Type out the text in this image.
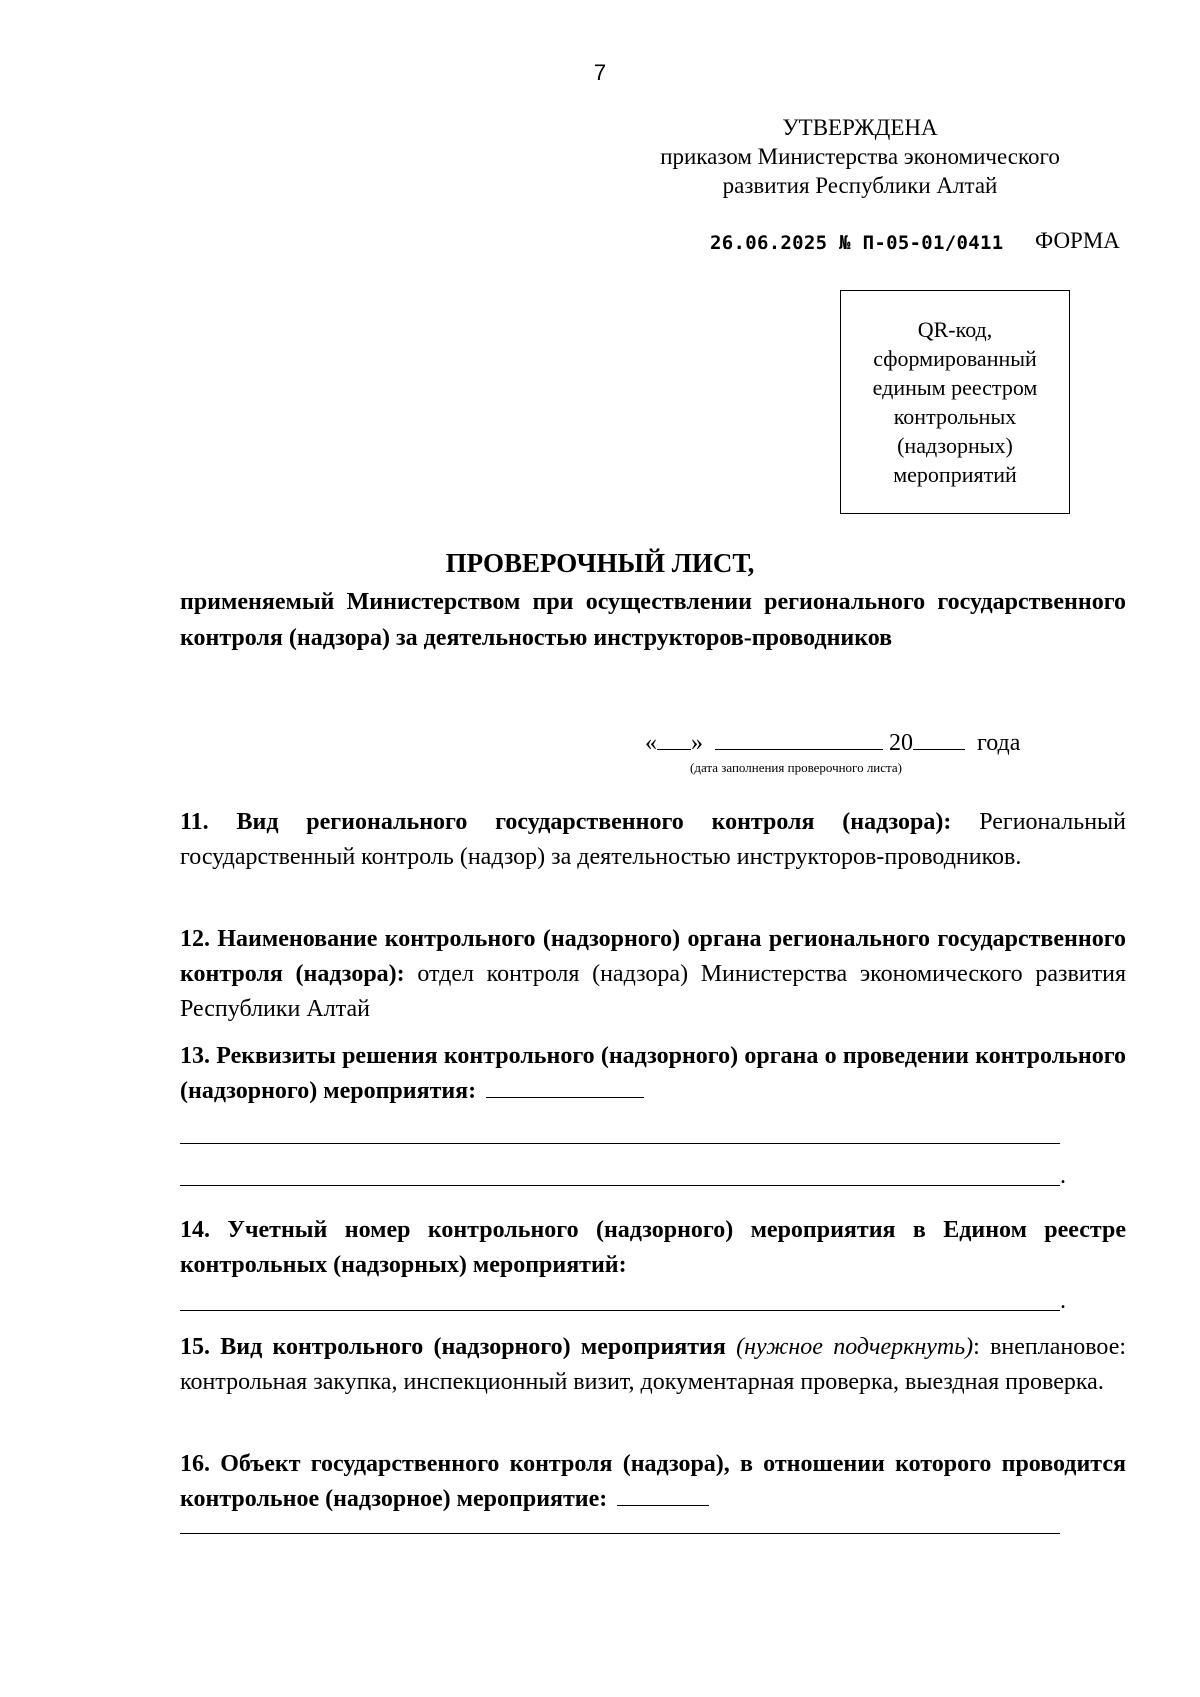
7
УТВЕРЖДЕНА
приказом Министерства экономического
развития Республики Алтай
26.06.2025 № П-05-01/0411 ФОРМА
QR-код, сформированный единым реестром контрольных (надзорных) мероприятий
ПРОВЕРОЧНЫЙ ЛИСТ,
применяемый Министерством при осуществлении регионального государственного контроля (надзора) за деятельностью инструкторов-проводников
« »	20	года
(дата заполнения проверочного листа)
11. Вид регионального государственного контроля (надзора): Региональный государственный контроль (надзор) за деятельностью инструкторов-проводников.
12. Наименование контрольного (надзорного) органа регионального государственного контроля (надзора): отдел контроля (надзора) Министерства экономического развития Республики Алтай
13. Реквизиты решения контрольного (надзорного) органа о проведении контрольного (надзорного) мероприятия:
.
14. Учетный номер контрольного (надзорного) мероприятия в Едином реестре контрольных (надзорных) мероприятий:
.
15. Вид контрольного (надзорного) мероприятия (нужное подчеркнуть): внеплановое: контрольная закупка, инспекционный визит, документарная проверка, выездная проверка.
16. Объект государственного контроля (надзора), в отношении которого проводится контрольное (надзорное) мероприятие:
